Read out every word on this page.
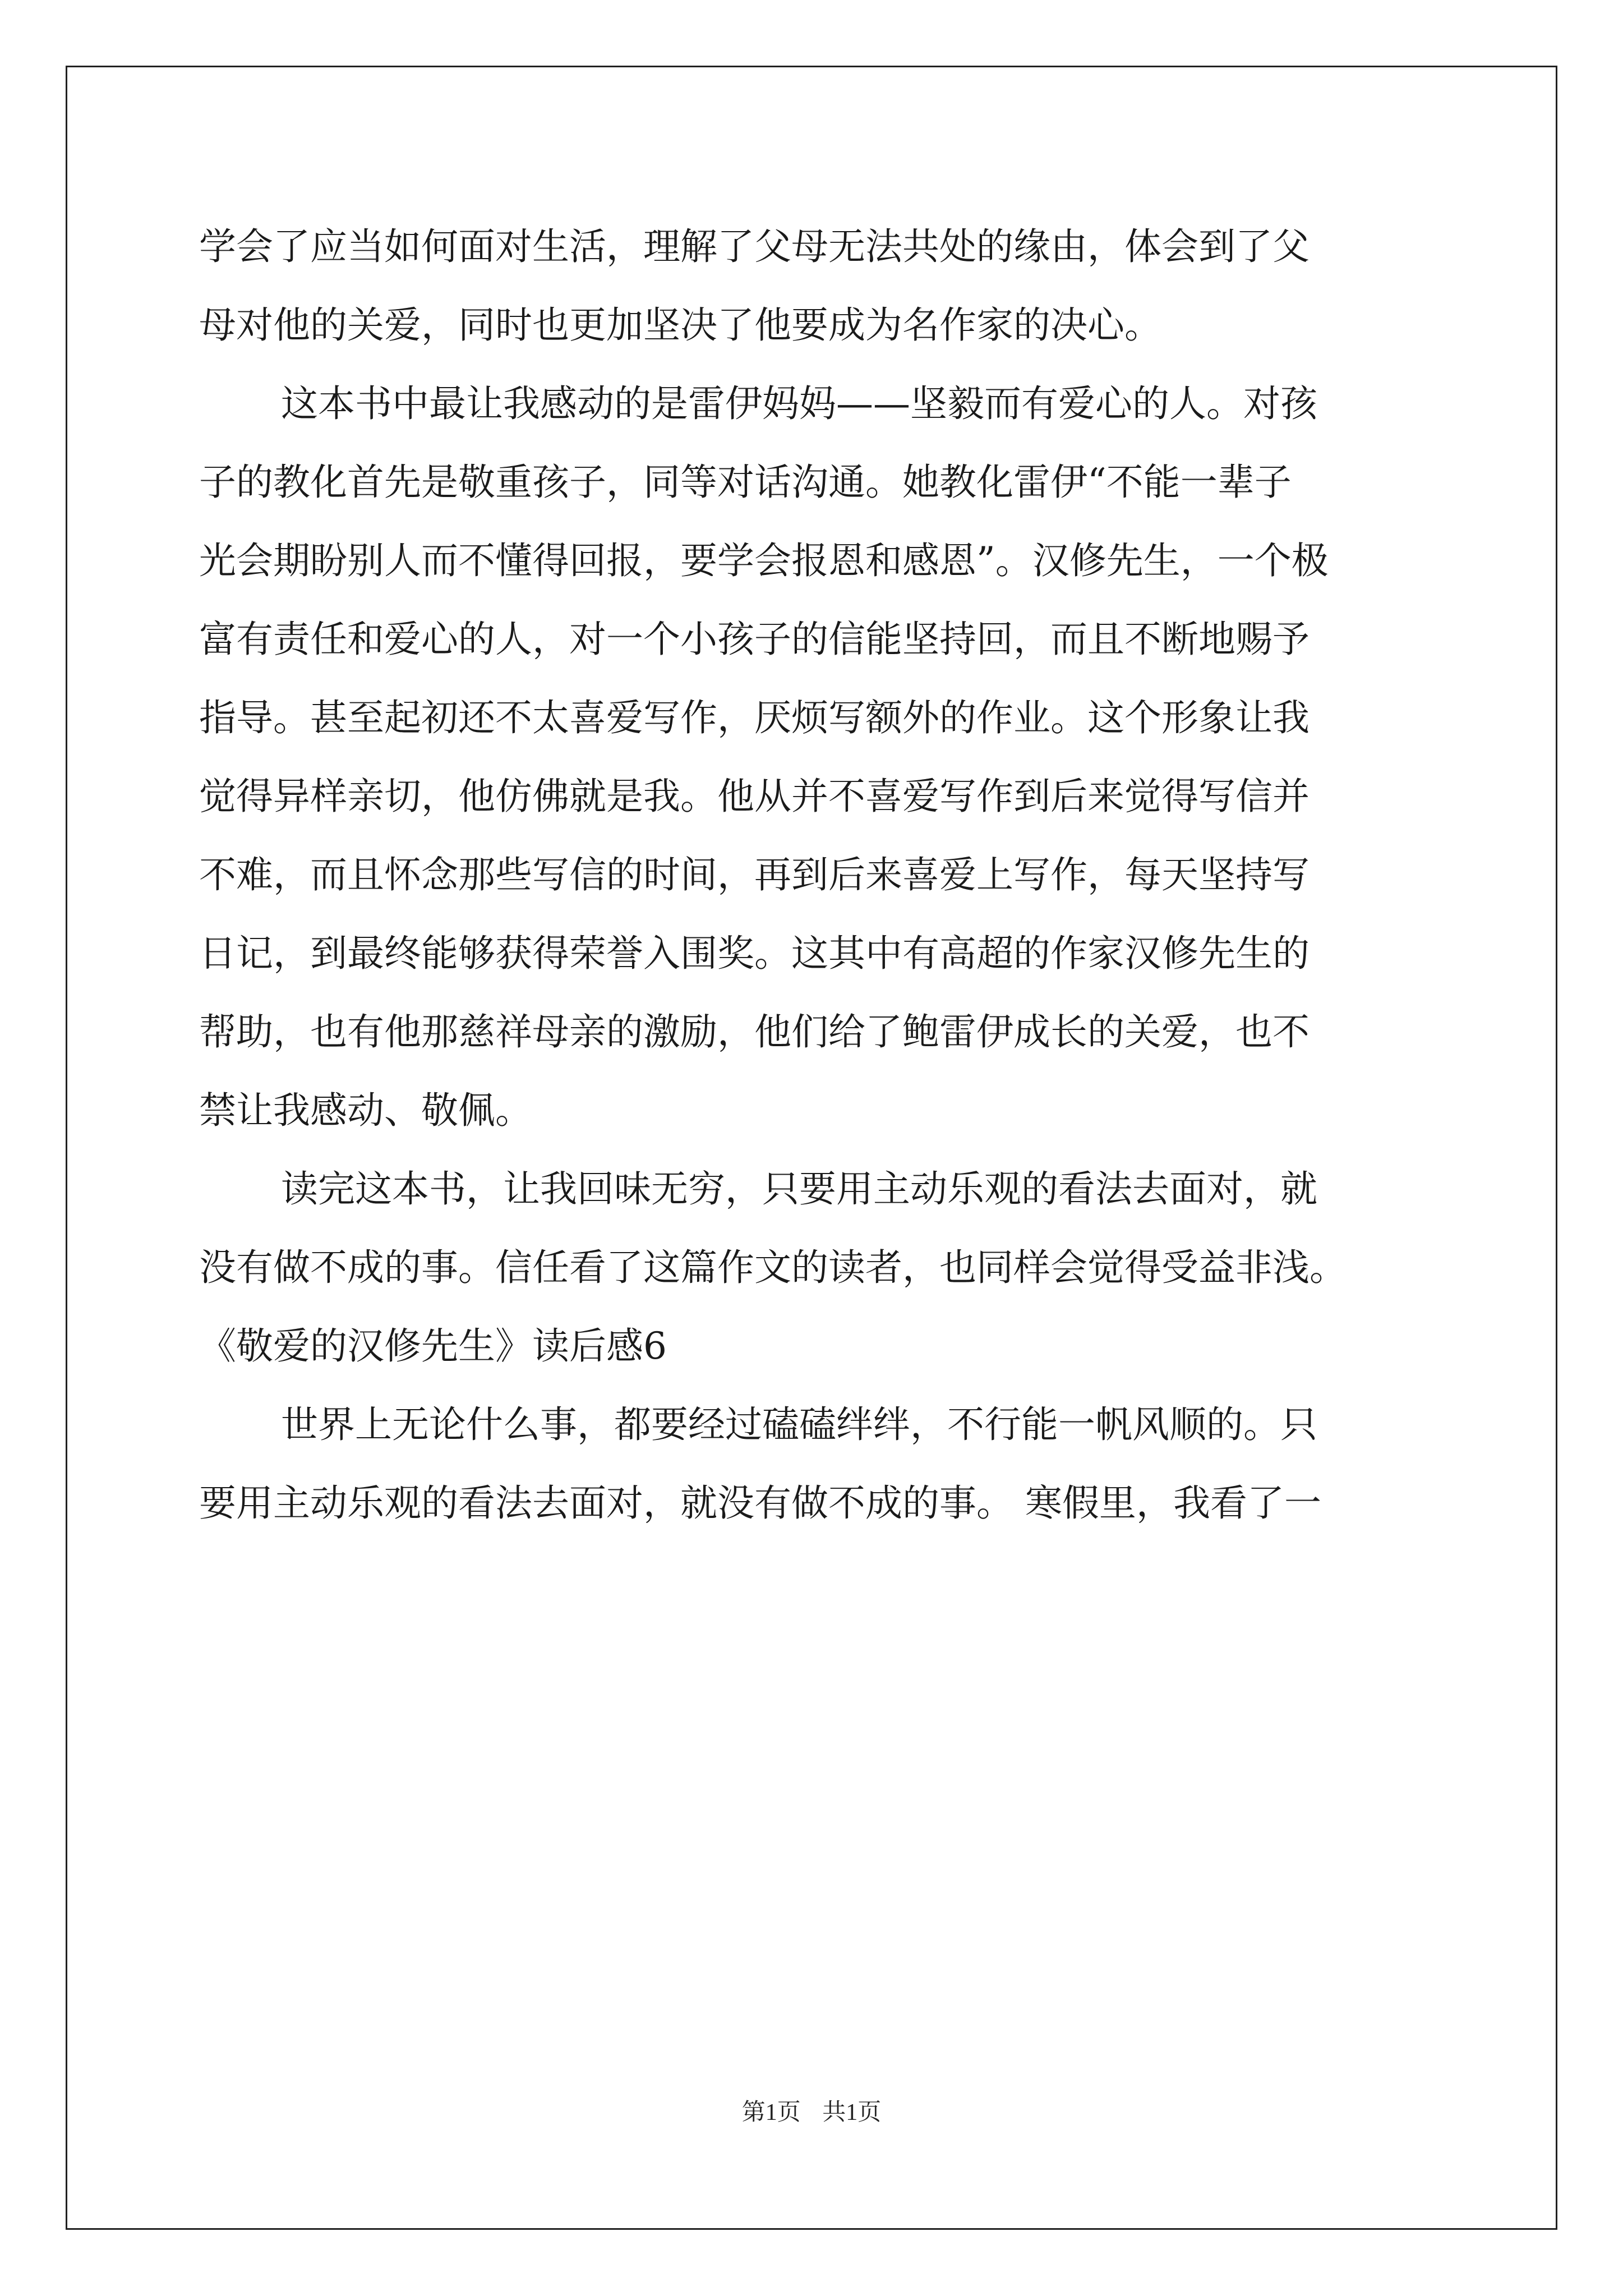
学会了应当如何面对生活，理解了父母无法共处的缘由，体会到了父
母对他的关爱，同时也更加坚决了他要成为名作家的决心。
这本书中最让我感动的是雷伊妈妈——坚毅而有爱心的人。对孩
子的教化首先是敬重孩子，同等对话沟通。她教化雷伊“不能一辈子
光会期盼别人而不懂得回报，要学会报恩和感恩”。汉修先生，一个极
富有责任和爱心的人，对一个小孩子的信能坚持回，而且不断地赐予
指导。甚至起初还不太喜爱写作，厌烦写额外的作业。这个形象让我
觉得异样亲切，他仿佛就是我。他从并不喜爱写作到后来觉得写信并
不难，而且怀念那些写信的时间，再到后来喜爱上写作，每天坚持写
日记，到最终能够获得荣誉入围奖。这其中有高超的作家汉修先生的
帮助，也有他那慈祥母亲的激励，他们给了鲍雷伊成长的关爱，也不
禁让我感动、敬佩。
读完这本书，让我回味无穷，只要用主动乐观的看法去面对，就
没有做不成的事。信任看了这篇作文的读者，也同样会觉得受益非浅。
《敬爱的汉修先生》读后感6
世界上无论什么事，都要经过磕磕绊绊，不行能一帆风顺的。只
要用主动乐观的看法去面对，就没有做不成的事。 寒假里，我看了一
第1页 共1页
